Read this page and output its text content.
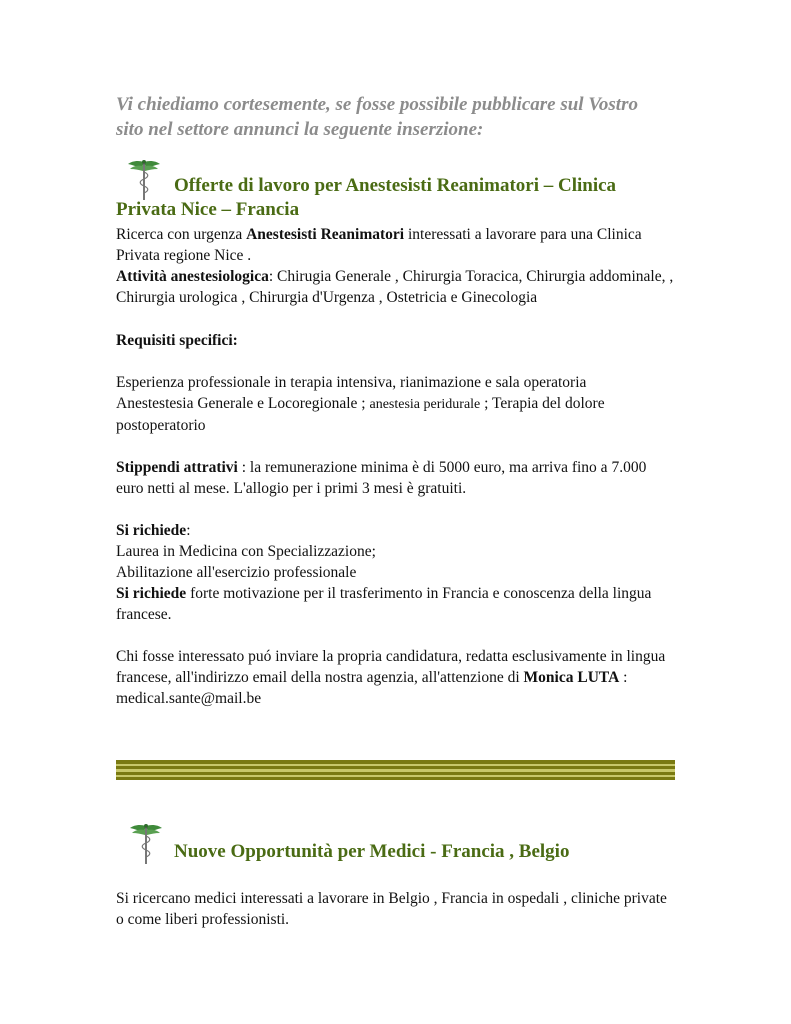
Vi chiediamo cortesemente, se fosse possibile pubblicare sul Vostro
sito nel settore annunci la seguente inserzione:

Offerte di lavoro per Anestesisti Reanimatori – Clinica
Privata Nice – Francia

Ricerca con urgenza Anestesisti Reanimatori interessati a lavorare para una Clinica Privata regione Nice .

Attività anestesiologica: Chirugia Generale , Chirurgia Toracica, Chirurgia addominale, , Chirurgia urologica , Chirurgia d'Urgenza , Ostetricia e Ginecologia

Requisiti specifici:

Esperienza professionale in terapia intensiva, rianimazione e sala operatoria
Anestestesia Generale e Locoregionale ; anestesia peridurale ; Terapia del dolore postoperatorio

Stippendi attrativi : la remunerazione minima è di 5000 euro, ma arriva fino a 7.000 euro netti al mese. L'allogio per i primi 3 mesi è gratuiti.

Si richiede:

Laurea in Medicina con Specializzazione;

Abilitazione all'esercizio professionale

Si richiede forte motivazione per il trasferimento in Francia e conoscenza della lingua francese.

Chi fosse interessato puó inviare la propria candidatura, redatta esclusivamente in lingua francese, all'indirizzo email della nostra agenzia, all'attenzione di Monica LUTA : medical.sante@mail.be

Nuove Opportunità per Medici - Francia , Belgio

Si ricercano medici interessati a lavorare in Belgio , Francia in ospedali , cliniche private o come liberi professionisti.
